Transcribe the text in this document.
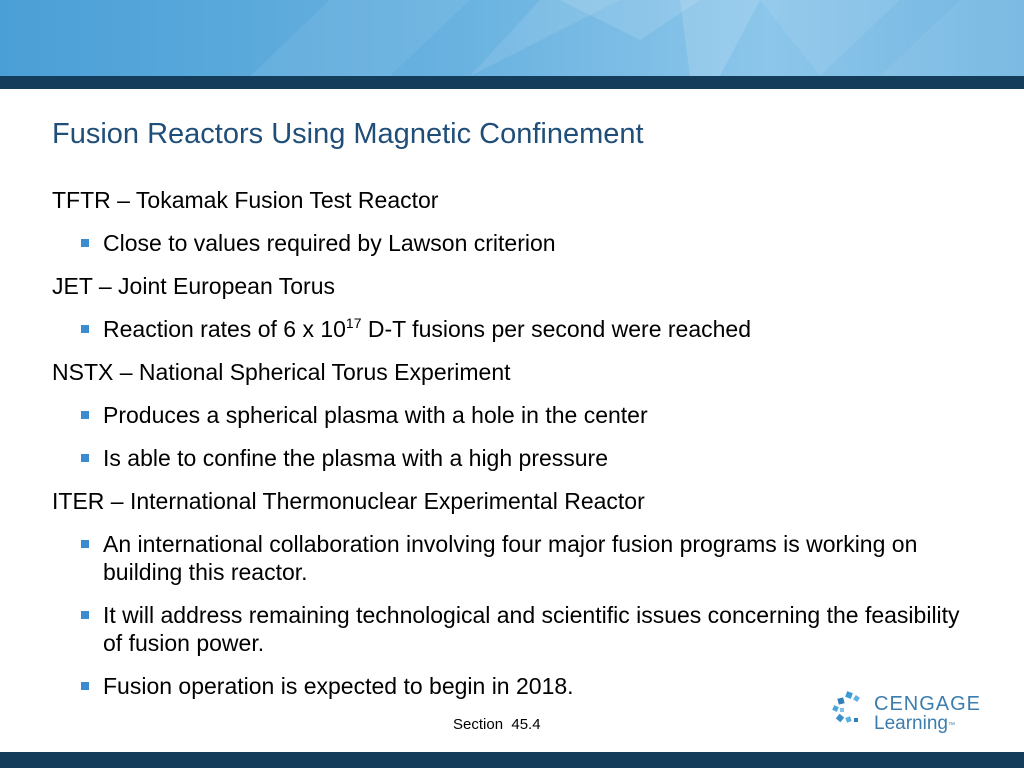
Fusion Reactors Using Magnetic Confinement
TFTR – Tokamak Fusion Test Reactor
Close to values required by Lawson criterion
JET – Joint European Torus
Reaction rates of 6 x $10^{17}$ D-T fusions per second were reached
NSTX – National Spherical Torus Experiment
Produces a spherical plasma with a hole in the center
Is able to confine the plasma with a high pressure
ITER – International Thermonuclear Experimental Reactor
An international collaboration involving four major fusion programs is working on building this reactor.
It will address remaining technological and scientific issues concerning the feasibility of fusion power.
Fusion operation is expected to begin in 2018.
Section  45.4
CENGAGE
Learning™
